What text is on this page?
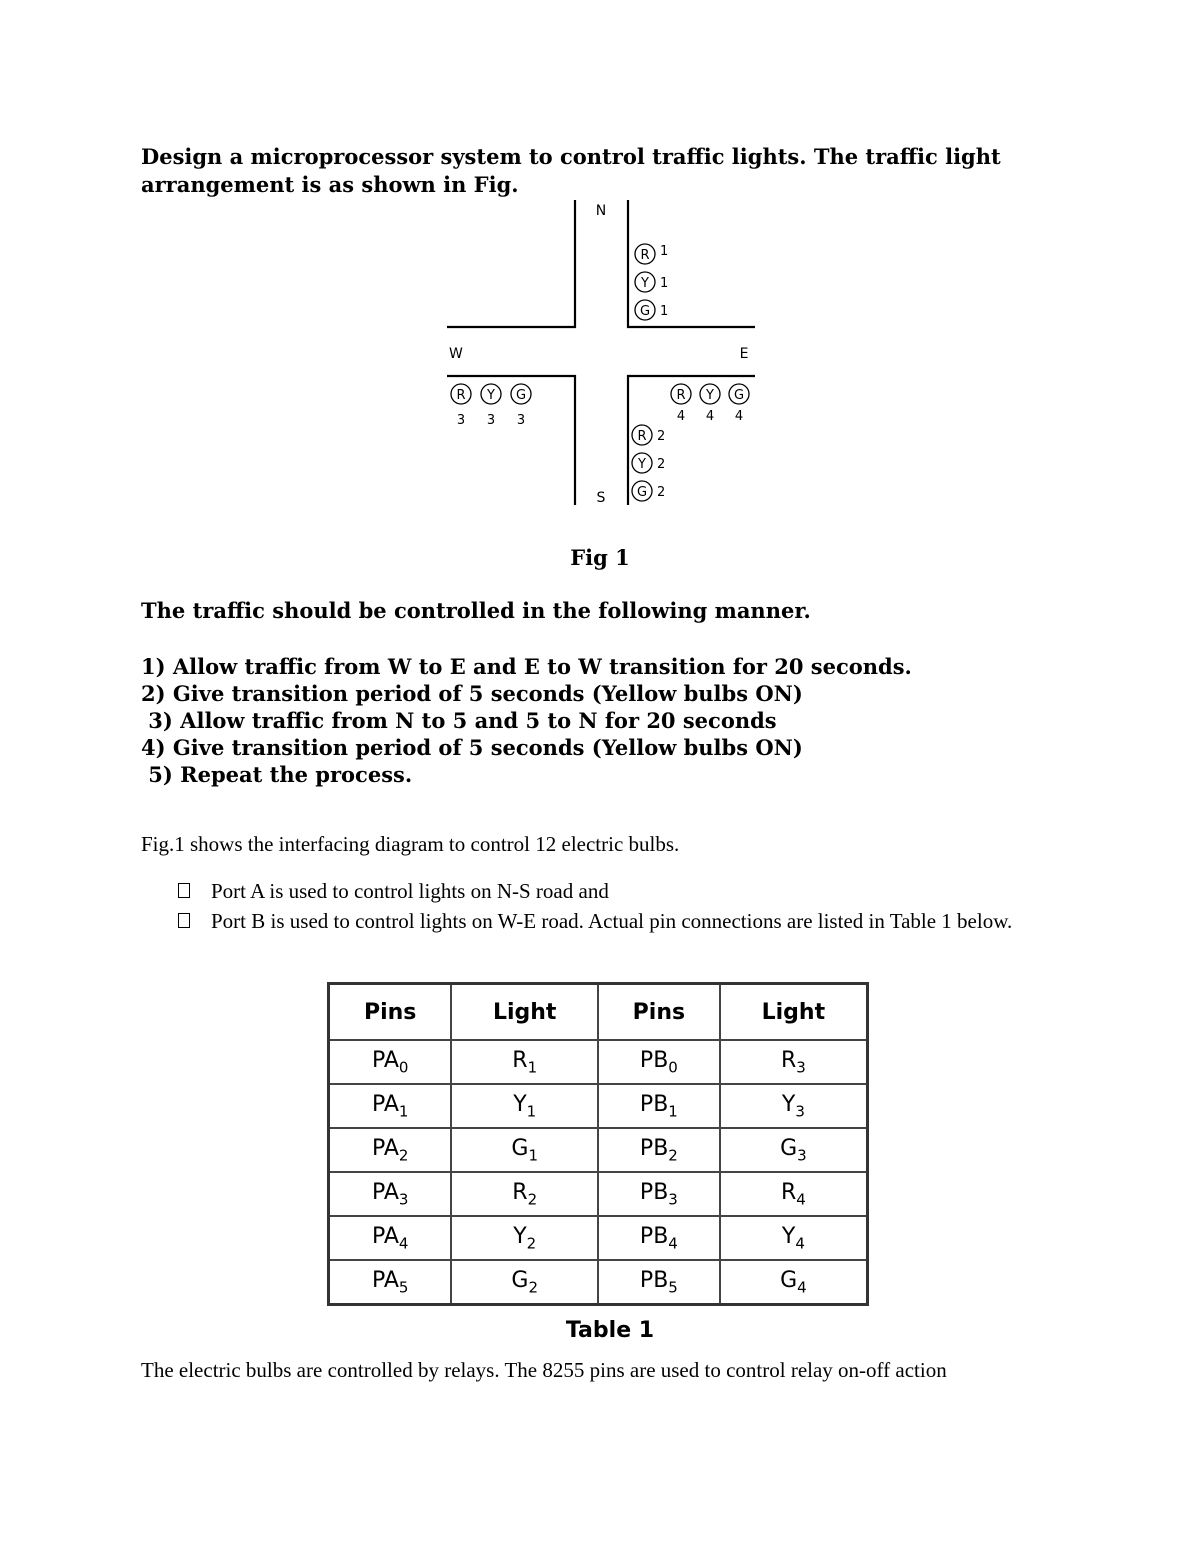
Design a microprocessor system to control traffic lights. The traffic light arrangement is as shown in Fig.
N
W	E
S
R
Y
G
1
1
1
R Y G
3 3 3
R Y G
4 4 4
R
Y
G
2
2
2
Fig 1
The traffic should be controlled in the following manner.
1) Allow traffic from W to E and E to W transition for 20 seconds.
2) Give transition period of 5 seconds (Yellow bulbs ON)
3) Allow traffic from N to 5 and 5 to N for 20 seconds
4) Give transition period of 5 seconds (Yellow bulbs ON)
5) Repeat the process.
Fig.1 shows the interfacing diagram to control 12 electric bulbs.
Port A is used to control lights on N-S road and
Port B is used to control lights on W-E road. Actual pin connections are listed in Table 1 below.
Pins	Light	Pins	Light
$PA_0$	$R_1$	$PB_0$	$R_3$
$PA_1$	$Y_1$	$PB_1$	$Y_3$
$PA_2$	$G_1$	$PB_2$	$G_3$
$PA_3$	$R_2$	$PB_3$	$R_4$
$PA_4$	$Y_2$	$PB_4$	$Y_4$
$PA_5$	$G_2$	$PB_5$	$G_4$
Table 1
The electric bulbs are controlled by relays. The 8255 pins are used to control relay on-off action
